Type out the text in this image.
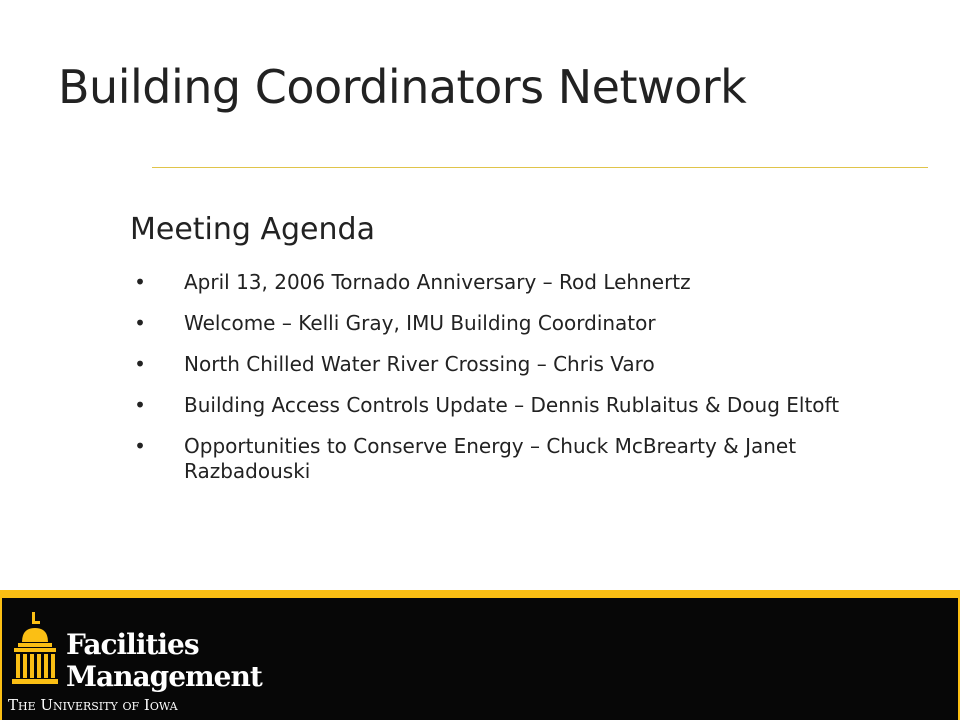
Building Coordinators Network
Meeting Agenda
• April 13, 2006 Tornado Anniversary – Rod Lehnertz
• Welcome – Kelli Gray, IMU Building Coordinator
• North Chilled Water River Crossing – Chris Varo
• Building Access Controls Update – Dennis Rublaitus & Doug Eltoft
• Opportunities to Conserve Energy – Chuck McBrearty & Janet Razbadouski
Facilities
Management
The University of Iowa
